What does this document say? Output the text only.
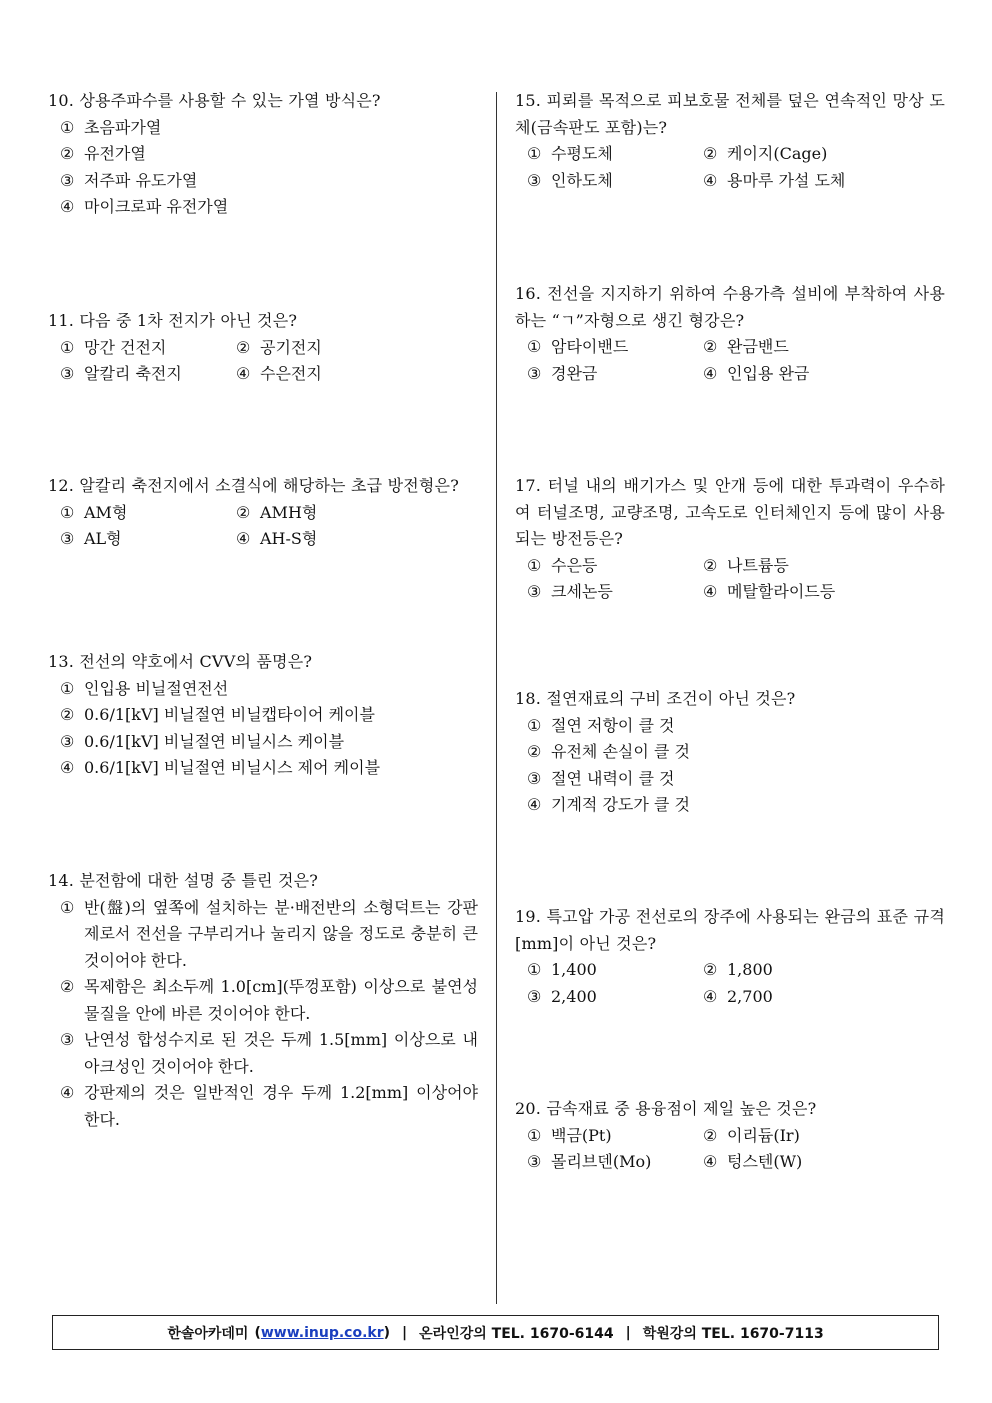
10. 상용주파수를 사용할 수 있는 가열 방식은?
① 초음파가열
② 유전가열
③ 저주파 유도가열
④ 마이크로파 유전가열
11. 다음 중 1차 전지가 아닌 것은?
① 망간 건전지	② 공기전지
③ 알칼리 축전지	④ 수은전지
12. 알칼리 축전지에서 소결식에 해당하는 초급 방전형은?
① AM형	② AMH형
③ AL형	④ AH-S형
13. 전선의 약호에서 CVV의 품명은?
① 인입용 비닐절연전선
② 0.6/1[kV] 비닐절연 비닐캡타이어 케이블
③ 0.6/1[kV] 비닐절연 비닐시스 케이블
④ 0.6/1[kV] 비닐절연 비닐시스 제어 케이블
14. 분전함에 대한 설명 중 틀린 것은?
① 반(盤)의 옆쪽에 설치하는 분·배전반의 소형덕트는 강판제로서 전선을 구부리거나 눌리지 않을 정도로 충분히 큰 것이어야 한다.
② 목제함은 최소두께 1.0[cm](뚜껑포함) 이상으로 불연성 물질을 안에 바른 것이어야 한다.
③ 난연성 합성수지로 된 것은 두께 1.5[mm] 이상으로 내아크성인 것이어야 한다.
④ 강판제의 것은 일반적인 경우 두께 1.2[mm] 이상어야 한다.
15. 피뢰를 목적으로 피보호물 전체를 덮은 연속적인 망상 도체(금속판도 포함)는?
① 수평도체	② 케이지(Cage)
③ 인하도체	④ 용마루 가설 도체
16. 전선을 지지하기 위하여 수용가측 설비에 부착하여 사용하는 “ㄱ”자형으로 생긴 형강은?
① 암타이밴드	② 완금밴드
③ 경완금	④ 인입용 완금
17. 터널 내의 배기가스 및 안개 등에 대한 투과력이 우수하여 터널조명, 교량조명, 고속도로 인터체인지 등에 많이 사용되는 방전등은?
① 수은등	② 나트륨등
③ 크세논등	④ 메탈할라이드등
18. 절연재료의 구비 조건이 아닌 것은?
① 절연 저항이 클 것
② 유전체 손실이 클 것
③ 절연 내력이 클 것
④ 기계적 강도가 클 것
19. 특고압 가공 전선로의 장주에 사용되는 완금의 표준 규격[mm]이 아닌 것은?
① 1,400	② 1,800
③ 2,400	④ 2,700
20. 금속재료 중 용융점이 제일 높은 것은?
① 백금(Pt)	② 이리듐(Ir)
③ 몰리브덴(Mo)	④ 텅스텐(W)
한솔아카데미 ( www.inup.co.kr ) | 온라인강의 TEL. 1670-6144 | 학원강의 TEL. 1670-7113
